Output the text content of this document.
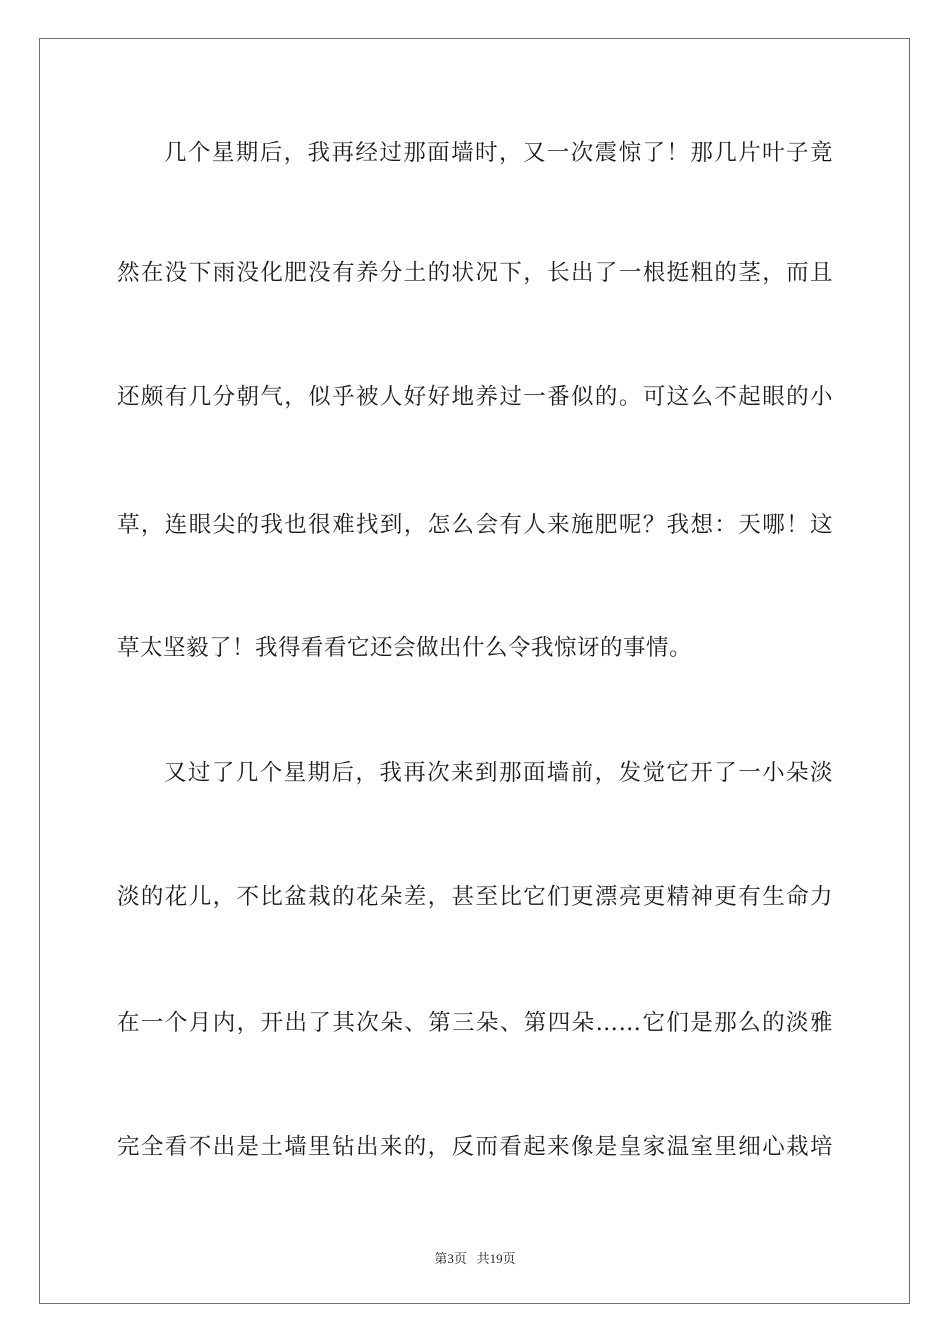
几个星期后，我再经过那面墙时，又一次震惊了！那几片叶子竟
然在没下雨没化肥没有养分土的状况下，长出了一根挺粗的茎，而且
还颇有几分朝气，似乎被人好好地养过一番似的。可这么不起眼的小
草，连眼尖的我也很难找到，怎么会有人来施肥呢？我想：天哪！这
草太坚毅了！我得看看它还会做出什么令我惊讶的事情。
又过了几个星期后，我再次来到那面墙前，发觉它开了一小朵淡
淡的花儿，不比盆栽的花朵差，甚至比它们更漂亮更精神更有生命力
在一个月内，开出了其次朵、第三朵、第四朵……它们是那么的淡雅
完全看不出是土墙里钻出来的，反而看起来像是皇家温室里细心栽培
第3页 共19页
